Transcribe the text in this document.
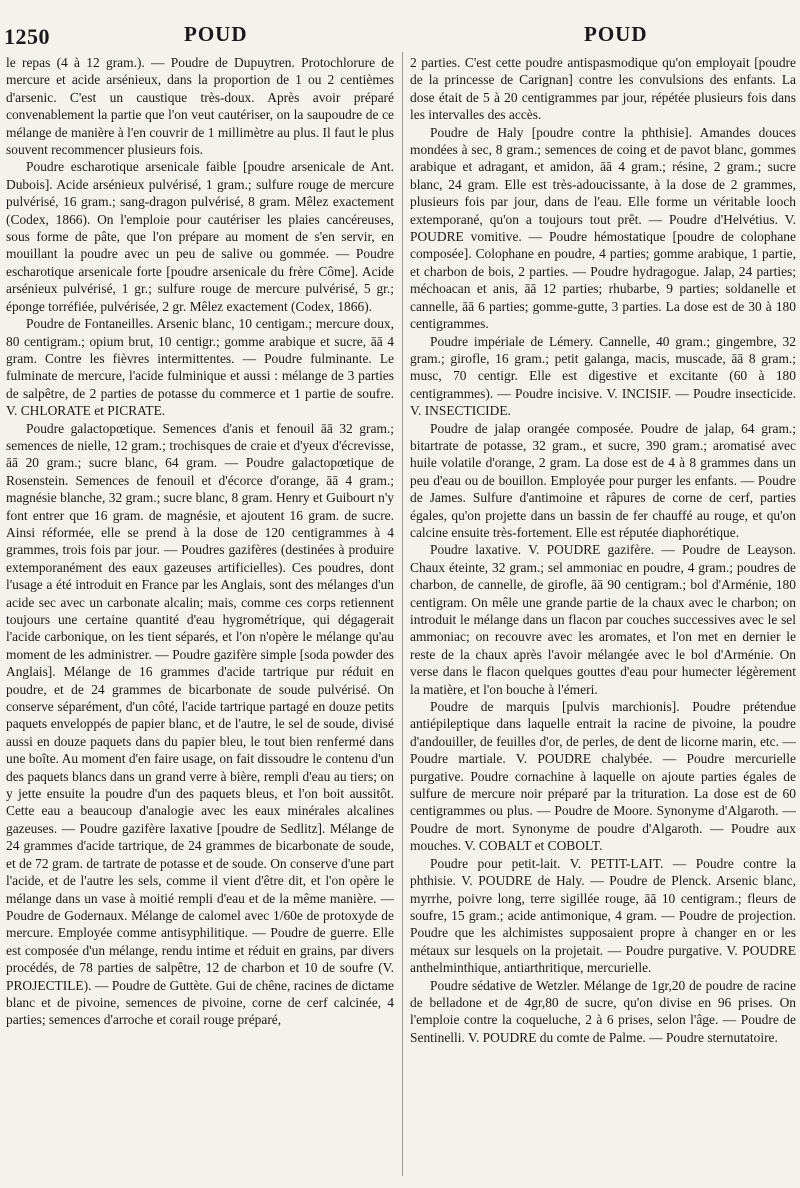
1250	POUD	POUD

le repas (4 à 12 gram.). — Poudre de Dupuytren. Protochlorure de mercure et acide arsénieux, dans la proportion de 1 ou 2 centièmes d'arsenic. C'est un caustique très-doux. Après avoir préparé convenablement la partie que l'on veut cautériser, on la saupoudre de ce mélange de manière à l'en couvrir de 1 millimètre au plus. Il faut le plus souvent recommencer plusieurs fois.

Poudre escharotique arsenicale faible [poudre arsenicale de Ant. Dubois]. Acide arsénieux pulvérisé, 1 gram.; sulfure rouge de mercure pulvérisé, 16 gram.; sang-dragon pulvérisé, 8 gram. Mêlez exactement (Codex, 1866). On l'emploie pour cautériser les plaies cancéreuses, sous forme de pâte, que l'on prépare au moment de s'en servir, en mouillant la poudre avec un peu de salive ou gommée. — Poudre escharotique arsenicale forte [poudre arsenicale du frère Côme]. Acide arsénieux pulvérisé, 1 gr.; sulfure rouge de mercure pulvérisé, 5 gr.; éponge torréfiée, pulvérisée, 2 gr. Mêlez exactement (Codex, 1866).

Poudre de Fontaneilles. Arsenic blanc, 10 centigam.; mercure doux, 80 centigram.; opium brut, 10 centigr.; gomme arabique et sucre, āā 4 gram. Contre les fièvres intermittentes. — Poudre fulminante. Le fulminate de mercure, l'acide fulminique et aussi : mélange de 3 parties de salpêtre, de 2 parties de potasse du commerce et 1 partie de soufre. V. CHLORATE et PICRATE.

Poudre galactopœtique. Semences d'anis et fenouil āā 32 gram.; semences de nielle, 12 gram.; trochisques de craie et d'yeux d'écrevisse, āā 20 gram.; sucre blanc, 64 gram. — Poudre galactopœtique de Rosenstein. Semences de fenouil et d'écorce d'orange, āā 4 gram.; magnésie blanche, 32 gram.; sucre blanc, 8 gram. Henry et Guibourt n'y font entrer que 16 gram. de magnésie, et ajoutent 16 gram. de sucre. Ainsi réformée, elle se prend à la dose de 120 centigrammes à 4 grammes, trois fois par jour. — Poudres gazifères (destinées à produire extemporanément des eaux gazeuses artificielles). Ces poudres, dont l'usage a été introduit en France par les Anglais, sont des mélanges d'un acide sec avec un carbonate alcalin; mais, comme ces corps retiennent toujours une certaine quantité d'eau hygrométrique, qui dégagerait l'acide carbonique, on les tient séparés, et l'on n'opère le mélange qu'au moment de les administrer. — Poudre gazifère simple [soda powder des Anglais]. Mélange de 16 grammes d'acide tartrique pur réduit en poudre, et de 24 grammes de bicarbonate de soude pulvérisé. On conserve séparément, d'un côté, l'acide tartrique partagé en douze petits paquets enveloppés de papier blanc, et de l'autre, le sel de soude, divisé aussi en douze paquets dans du papier bleu, le tout bien renfermé dans une boîte. Au moment d'en faire usage, on fait dissoudre le contenu d'un des paquets blancs dans un grand verre à bière, rempli d'eau au tiers; on y jette ensuite la poudre d'un des paquets bleus, et l'on boit aussitôt. Cette eau a beaucoup d'analogie avec les eaux minérales alcalines gazeuses. — Poudre gazifère laxative [poudre de Sedlitz]. Mélange de 24 grammes d'acide tartrique, de 24 grammes de bicarbonate de soude, et de 72 gram. de tartrate de potasse et de soude. On conserve d'une part l'acide, et de l'autre les sels, comme il vient d'être dit, et l'on opère le mélange dans un vase à moitié rempli d'eau et de la même manière. — Poudre de Godernaux. Mélange de calomel avec 1/60e de protoxyde de mercure. Employée comme antisyphilitique. — Poudre de guerre. Elle est composée d'un mélange, rendu intime et réduit en grains, par divers procédés, de 78 parties de salpêtre, 12 de charbon et 10 de soufre (V. PROJECTILE). — Poudre de Guttète. Gui de chêne, racines de dictame blanc et de pivoine, semences de pivoine, corne de cerf calcinée, 4 parties; semences d'arroche et corail rouge préparé,

2 parties. C'est cette poudre antispasmodique qu'on employait [poudre de la princesse de Carignan] contre les convulsions des enfants. La dose était de 5 à 20 centigrammes par jour, répétée plusieurs fois dans les intervalles des accès.

Poudre de Haly [poudre contre la phthisie]. Amandes douces mondées à sec, 8 gram.; semences de coing et de pavot blanc, gommes arabique et adragant, et amidon, āā 4 gram.; résine, 2 gram.; sucre blanc, 24 gram. Elle est très-adoucissante, à la dose de 2 grammes, plusieurs fois par jour, dans de l'eau. Elle forme un véritable looch extemporané, qu'on a toujours tout prêt. — Poudre d'Helvétius. V. POUDRE vomitive. — Poudre hémostatique [poudre de colophane composée]. Colophane en poudre, 4 parties; gomme arabique, 1 partie, et charbon de bois, 2 parties. — Poudre hydragogue. Jalap, 24 parties; méchoacan et anis, āā 12 parties; rhubarbe, 9 parties; soldanelle et cannelle, āā 6 parties; gomme-gutte, 3 parties. La dose est de 30 à 180 centigrammes.

Poudre impériale de Lémery. Cannelle, 40 gram.; gingembre, 32 gram.; girofle, 16 gram.; petit galanga, macis, muscade, āā 8 gram.; musc, 70 centigr. Elle est digestive et excitante (60 à 180 centigrammes). — Poudre incisive. V. INCISIF. — Poudre insecticide. V. INSECTICIDE.

Poudre de jalap orangée composée. Poudre de jalap, 64 gram.; bitartrate de potasse, 32 gram., et sucre, 390 gram.; aromatisé avec huile volatile d'orange, 2 gram. La dose est de 4 à 8 grammes dans un peu d'eau ou de bouillon. Employée pour purger les enfants. — Poudre de James. Sulfure d'antimoine et râpures de corne de cerf, parties égales, qu'on projette dans un bassin de fer chauffé au rouge, et qu'on calcine ensuite très-fortement. Elle est réputée diaphorétique.

Poudre laxative. V. POUDRE gazifère. — Poudre de Leayson. Chaux éteinte, 32 gram.; sel ammoniac en poudre, 4 gram.; poudres de charbon, de cannelle, de girofle, āā 90 centigram.; bol d'Arménie, 180 centigram. On mêle une grande partie de la chaux avec le charbon; on introduit le mélange dans un flacon par couches successives avec le sel ammoniac; on recouvre avec les aromates, et l'on met en dernier le reste de la chaux après l'avoir mélangée avec le bol d'Arménie. On verse dans le flacon quelques gouttes d'eau pour humecter légèrement la matière, et l'on bouche à l'émeri.

Poudre de marquis [pulvis marchionis]. Poudre prétendue antiépileptique dans laquelle entrait la racine de pivoine, la poudre d'andouiller, de feuilles d'or, de perles, de dent de licorne marin, etc. — Poudre martiale. V. POUDRE chalybée. — Poudre mercurielle purgative. Poudre cornachine à laquelle on ajoute parties égales de sulfure de mercure noir préparé par la trituration. La dose est de 60 centigrammes ou plus. — Poudre de Moore. Synonyme d'Algaroth. — Poudre de mort. Synonyme de poudre d'Algaroth. — Poudre aux mouches. V. COBALT et COBOLT.

Poudre pour petit-lait. V. PETIT-LAIT. — Poudre contre la phthisie. V. POUDRE de Haly. — Poudre de Plenck. Arsenic blanc, myrrhe, poivre long, terre sigillée rouge, āā 10 centigram.; fleurs de soufre, 15 gram.; acide antimonique, 4 gram. — Poudre de projection. Poudre que les alchimistes supposaient propre à changer en or les métaux sur lesquels on la projetait. — Poudre purgative. V. POUDRE anthelminthique, antiarthritique, mercurielle.

Poudre sédative de Wetzler. Mélange de 1gr,20 de poudre de racine de belladone et de 4gr,80 de sucre, qu'on divise en 96 prises. On l'emploie contre la coqueluche, 2 à 6 prises, selon l'âge. — Poudre de Sentinelli. V. POUDRE du comte de Palme. — Poudre sternutatoire.
